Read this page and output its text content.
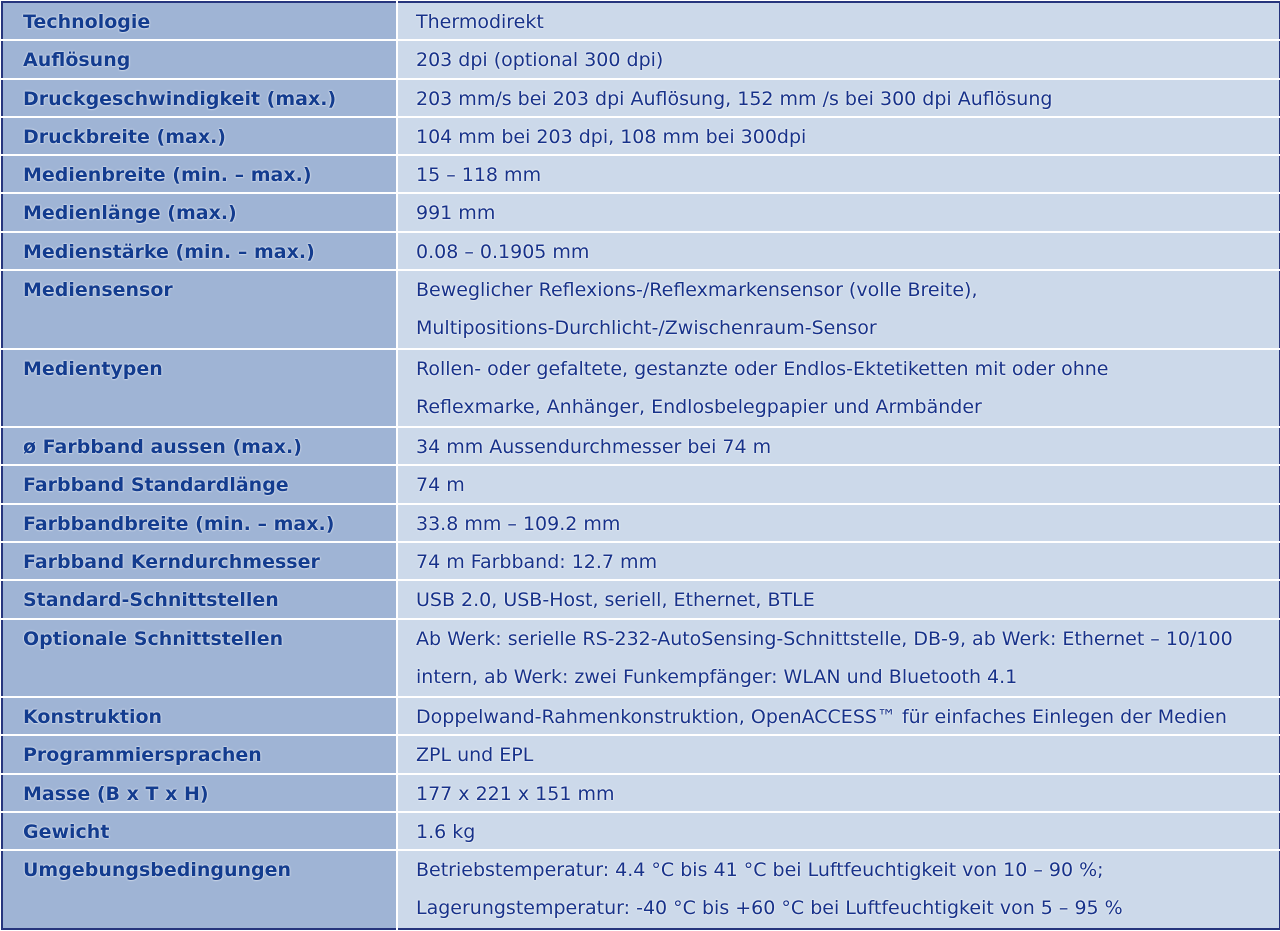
Technologie	Thermodirekt

Auflösung	203 dpi (optional 300 dpi)

Druckgeschwindigkeit (max.)	203 mm/s bei 203 dpi Auflösung, 152 mm /s bei 300 dpi Auflösung

Druckbreite (max.)	104 mm bei 203 dpi, 108 mm bei 300dpi

Medienbreite (min. – max.)	15 – 118 mm

Medienlänge (max.)	991 mm

Medienstärke (min. – max.)	0.08 – 0.1905 mm

Mediensensor	Beweglicher Reflexions-/Reflexmarkensensor (volle Breite),
Multipositions-Durchlicht-/Zwischenraum-Sensor

Medientypen	Rollen- oder gefaltete, gestanzte oder Endlos-Ektetiketten mit oder ohne
Reflexmarke, Anhänger, Endlosbelegpapier und Armbänder

ø Farbband aussen (max.)	34 mm Aussendurchmesser bei 74 m

Farbband Standardlänge	74 m

Farbbandbreite (min. – max.)	33.8 mm – 109.2 mm

Farbband Kerndurchmesser	74 m Farbband: 12.7 mm

Standard-Schnittstellen	USB 2.0, USB-Host, seriell, Ethernet, BTLE

Optionale Schnittstellen	Ab Werk: serielle RS-232-AutoSensing-Schnittstelle, DB-9, ab Werk: Ethernet – 10/100
intern, ab Werk: zwei Funkempfänger: WLAN und Bluetooth 4.1

Konstruktion	Doppelwand-Rahmenkonstruktion, OpenACCESS™ für einfaches Einlegen der Medien

Programmiersprachen	ZPL und EPL

Masse (B x T x H)	177 x 221 x 151 mm

Gewicht	1.6 kg

Umgebungsbedingungen	Betriebstemperatur: 4.4 °C bis 41 °C bei Luftfeuchtigkeit von 10 – 90 %;
Lagerungstemperatur: -40 °C bis +60 °C bei Luftfeuchtigkeit von 5 – 95 %
